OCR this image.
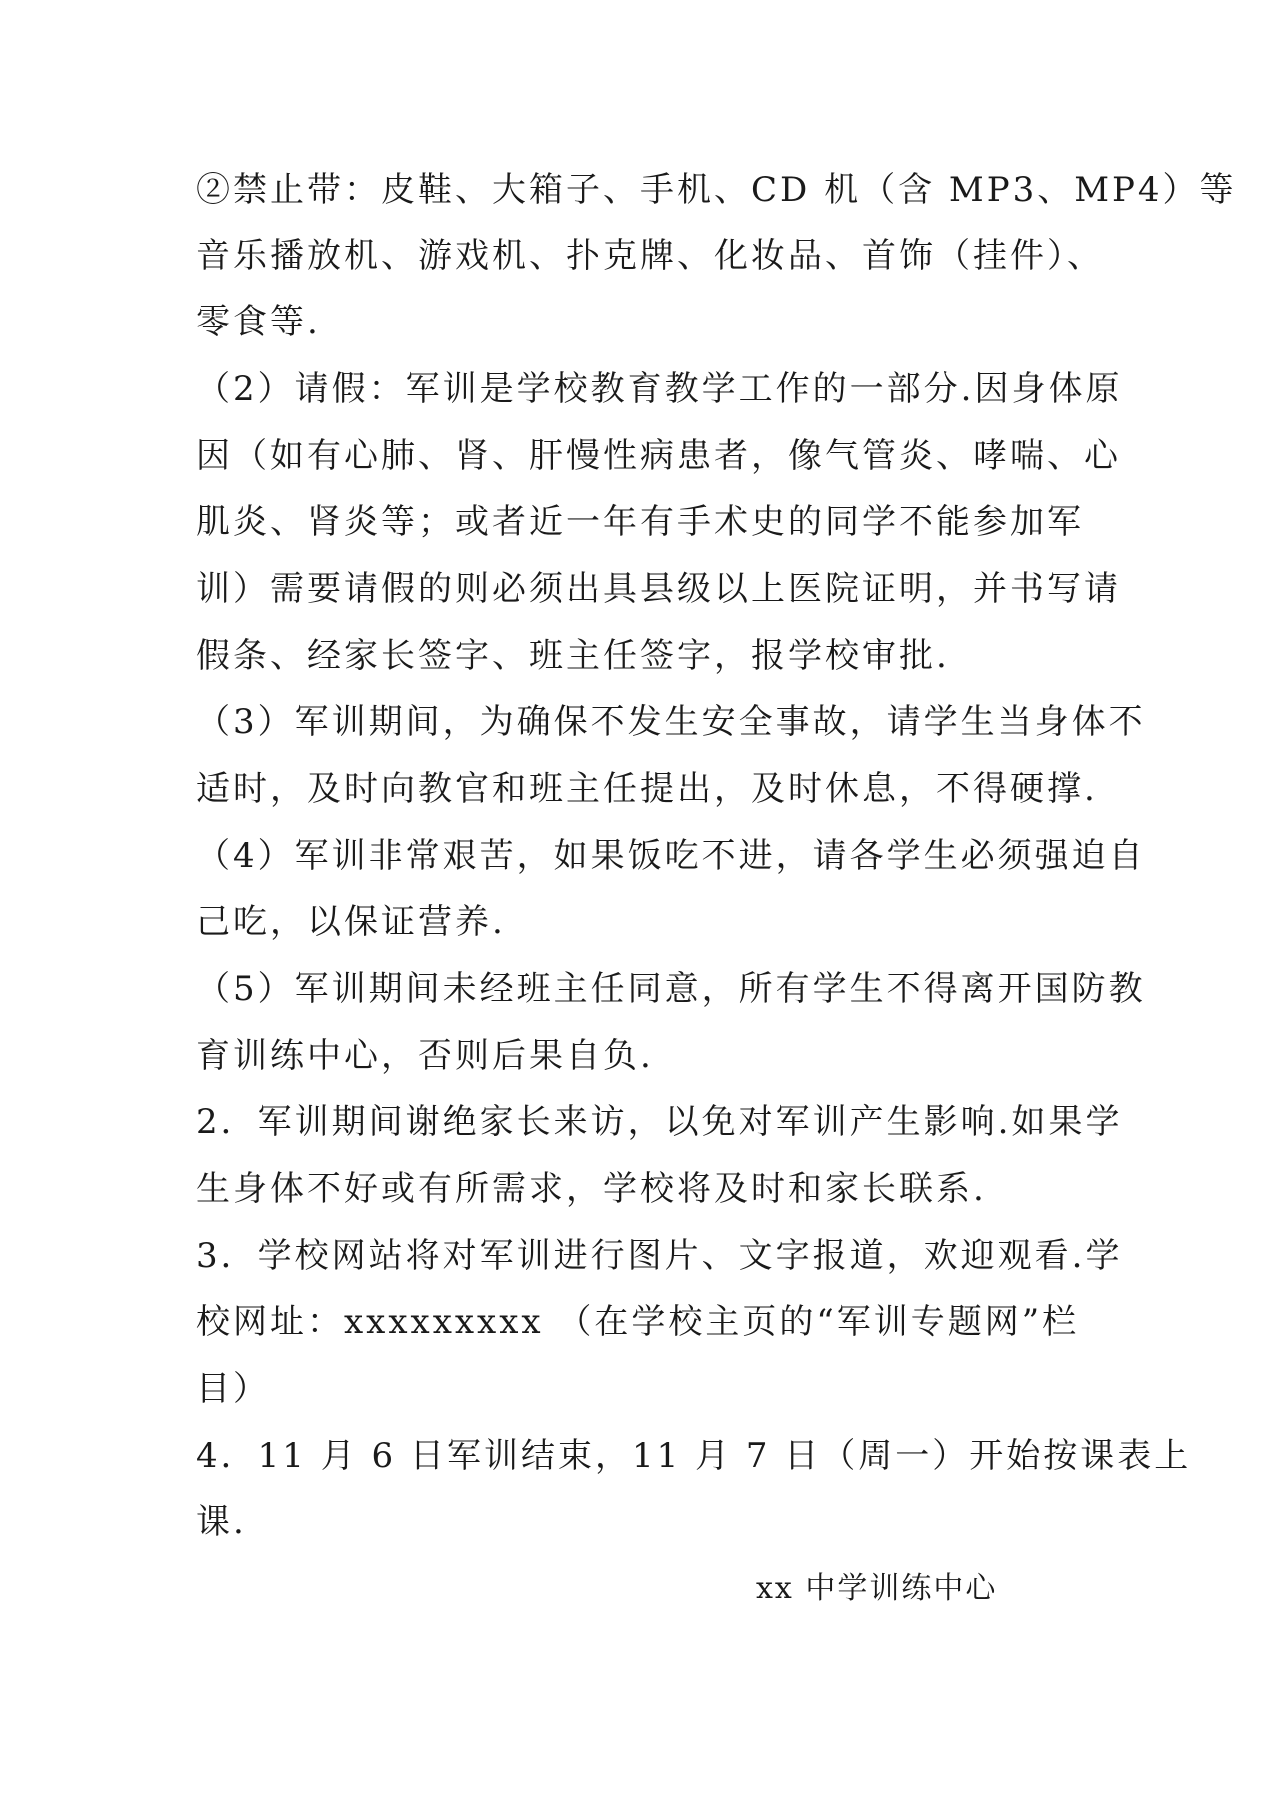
②禁止带：皮鞋、大箱子、手机、CD 机（含 MP3、MP4）等

音乐播放机、游戏机、扑克牌、化妆品、首饰（挂件）、

零食等.

（2）请假：军训是学校教育教学工作的一部分.因身体原

因（如有心肺、肾、肝慢性病患者，像气管炎、哮喘、心

肌炎、肾炎等；或者近一年有手术史的同学不能参加军

训）需要请假的则必须出具县级以上医院证明，并书写请

假条、经家长签字、班主任签字，报学校审批.

（3）军训期间，为确保不发生安全事故，请学生当身体不

适时，及时向教官和班主任提出，及时休息，不得硬撑.

（4）军训非常艰苦，如果饭吃不进，请各学生必须强迫自

己吃，以保证营养.

（5）军训期间未经班主任同意，所有学生不得离开国防教

育训练中心，否则后果自负.

2．军训期间谢绝家长来访，以免对军训产生影响.如果学

生身体不好或有所需求，学校将及时和家长联系.

3．学校网站将对军训进行图片、文字报道，欢迎观看.学

校网址：xxxxxxxxx （在学校主页的“军训专题网”栏

目）

4．11 月 6 日军训结束，11 月 7 日（周一）开始按课表上

课.

xx 中学训练中心
